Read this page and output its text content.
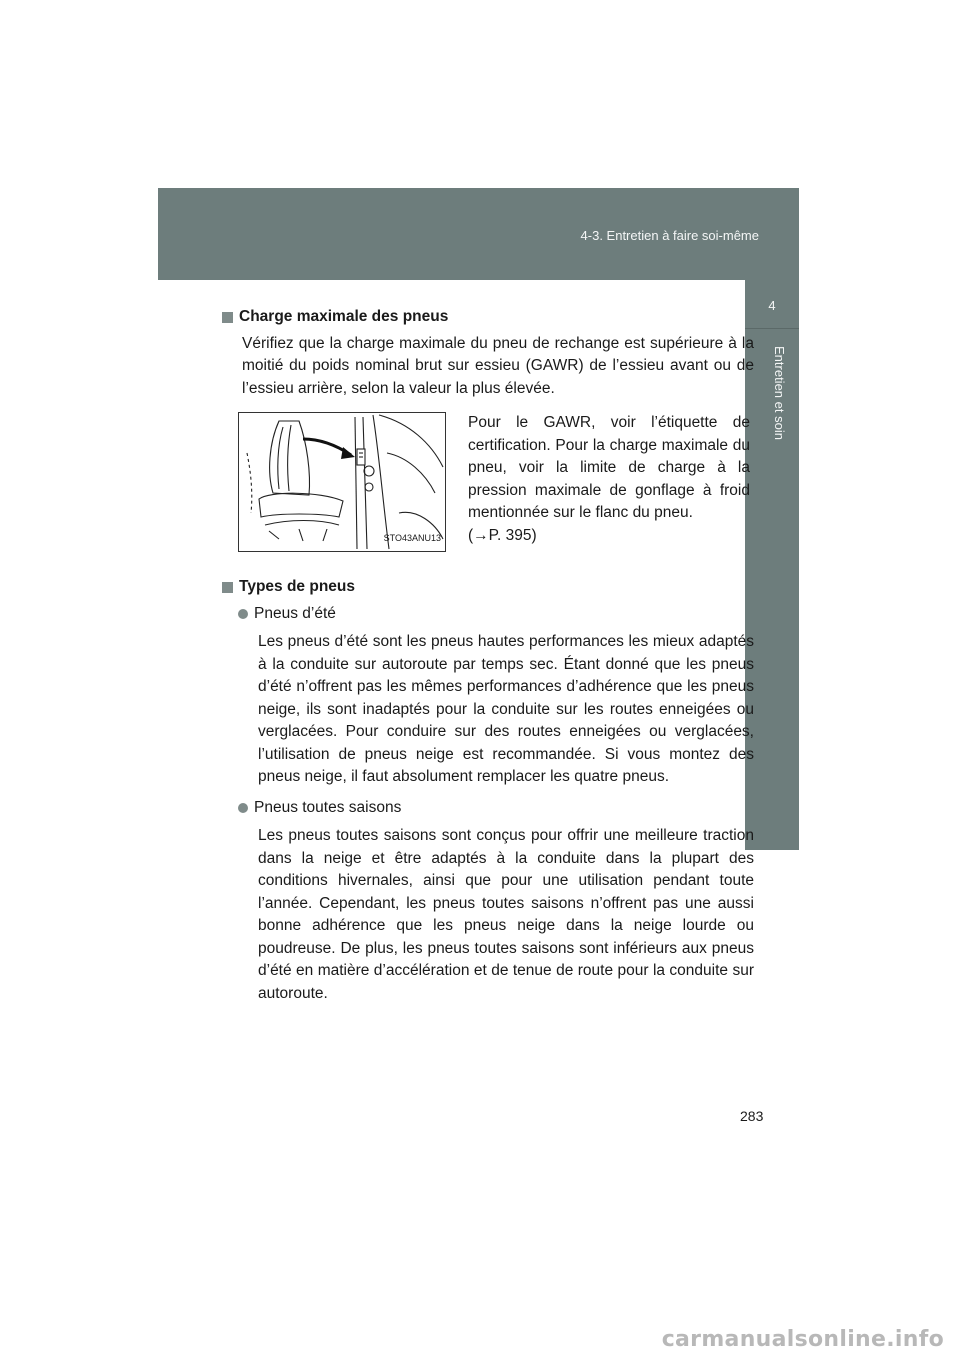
4-3. Entretien à faire soi-même
4
Entretien et soin
Charge maximale des pneus

Vérifiez que la charge maximale du pneu de rechange est supérieure à la moitié du poids nominal brut sur essieu (GAWR) de l’essieu avant ou de l’essieu arrière, selon la valeur la plus élevée.

STO43ANU13
Pour le GAWR, voir l’étiquette de certification. Pour la charge maximale du pneu, voir la limite de charge à la pression maximale de gonflage à froid mentionnée sur le flanc du pneu.
(→P. 395)
Types de pneus
Pneus d’été

Les pneus d’été sont les pneus hautes performances les mieux adaptés à la conduite sur autoroute par temps sec. Étant donné que les pneus d’été n’offrent pas les mêmes performances d’adhérence que les pneus neige, ils sont inadaptés pour la conduite sur les routes enneigées ou verglacées. Pour conduire sur des routes enneigées ou verglacées, l’utilisation de pneus neige est recommandée. Si vous montez des pneus neige, il faut absolument remplacer les quatre pneus.

Pneus toutes saisons

Les pneus toutes saisons sont conçus pour offrir une meilleure traction dans la neige et être adaptés à la conduite dans la plupart des conditions hivernales, ainsi que pour une utilisation pendant toute l’année. Cependant, les pneus toutes saisons n’offrent pas une aussi bonne adhérence que les pneus neige dans la neige lourde ou poudreuse. De plus, les pneus toutes saisons sont inférieurs aux pneus d’été en matière d’accélération et de tenue de route pour la conduite sur autoroute.

283
carmanualsonline.info
